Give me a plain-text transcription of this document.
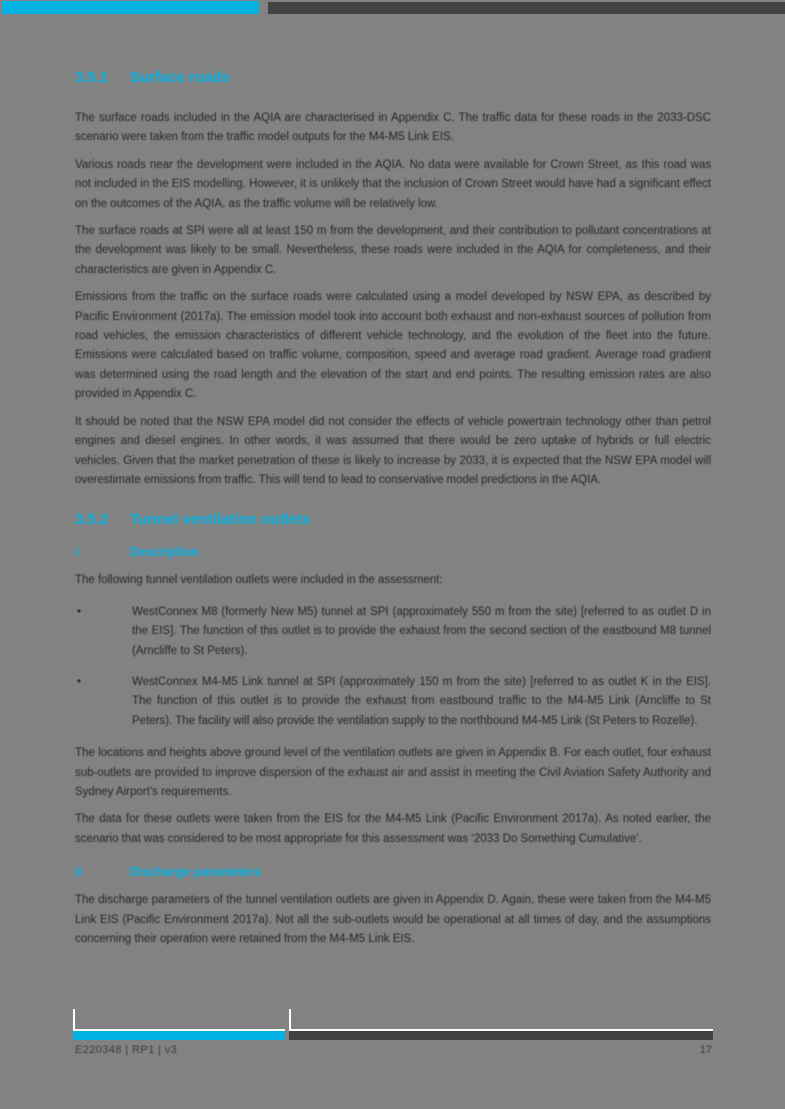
3.5.1	Surface roads

The surface roads included in the AQIA are characterised in Appendix C. The traffic data for these roads in the 2033-DSC scenario were taken from the traffic model outputs for the M4-M5 Link EIS.

Various roads near the development were included in the AQIA. No data were available for Crown Street, as this road was not included in the EIS modelling. However, it is unlikely that the inclusion of Crown Street would have had a significant effect on the outcomes of the AQIA, as the traffic volume will be relatively low.

The surface roads at SPI were all at least 150 m from the development, and their contribution to pollutant concentrations at the development was likely to be small. Nevertheless, these roads were included in the AQIA for completeness, and their characteristics are given in Appendix C.

Emissions from the traffic on the surface roads were calculated using a model developed by NSW EPA, as described by Pacific Environment (2017a). The emission model took into account both exhaust and non-exhaust sources of pollution from road vehicles, the emission characteristics of different vehicle technology, and the evolution of the fleet into the future. Emissions were calculated based on traffic volume, composition, speed and average road gradient. Average road gradient was determined using the road length and the elevation of the start and end points. The resulting emission rates are also provided in Appendix C.

It should be noted that the NSW EPA model did not consider the effects of vehicle powertrain technology other than petrol engines and diesel engines. In other words, it was assumed that there would be zero uptake of hybrids or full electric vehicles. Given that the market penetration of these is likely to increase by 2033, it is expected that the NSW EPA model will overestimate emissions from traffic. This will tend to lead to conservative model predictions in the AQIA.

3.5.2	Tunnel ventilation outlets
i	Description

The following tunnel ventilation outlets were included in the assessment:

•	WestConnex M8 (formerly New M5) tunnel at SPI (approximately 550 m from the site) [referred to as outlet D in the EIS]. The function of this outlet is to provide the exhaust from the second section of the eastbound M8 tunnel (Arncliffe to St Peters).
•	WestConnex M4-M5 Link tunnel at SPI (approximately 150 m from the site) [referred to as outlet K in the EIS]. The function of this outlet is to provide the exhaust from eastbound traffic to the M4-M5 Link (Arncliffe to St Peters). The facility will also provide the ventilation supply to the northbound M4-M5 Link (St Peters to Rozelle).

The locations and heights above ground level of the ventilation outlets are given in Appendix B. For each outlet, four exhaust sub-outlets are provided to improve dispersion of the exhaust air and assist in meeting the Civil Aviation Safety Authority and Sydney Airport’s requirements.

The data for these outlets were taken from the EIS for the M4-M5 Link (Pacific Environment 2017a). As noted earlier, the scenario that was considered to be most appropriate for this assessment was ‘2033 Do Something Cumulative’.

ii	Discharge parameters

The discharge parameters of the tunnel ventilation outlets are given in Appendix D. Again, these were taken from the M4-M5 Link EIS (Pacific Environment 2017a). Not all the sub-outlets would be operational at all times of day, and the assumptions concerning their operation were retained from the M4-M5 Link EIS.

E220348 | RP1 | v3	17
